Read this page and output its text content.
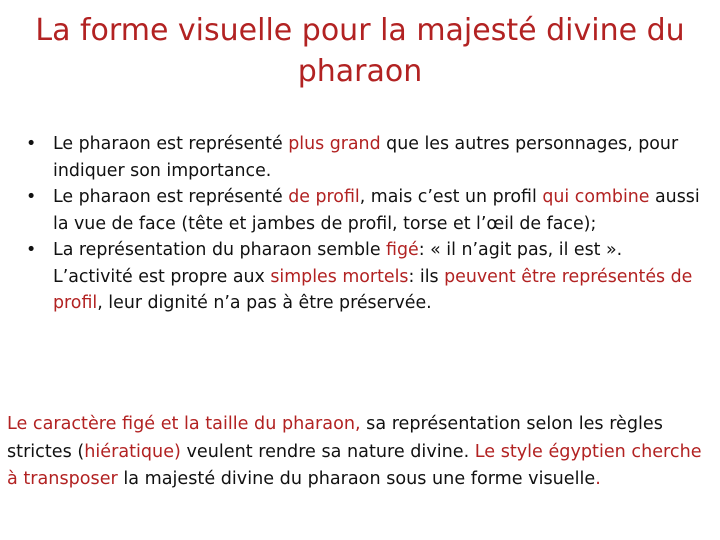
La forme visuelle pour la majesté divine du pharaon
• Le pharaon est représenté plus grand que les autres personnages, pour indiquer son importance.
• Le pharaon est représenté de profil, mais c’est un profil qui combine aussi la vue de face (tête et jambes de profil, torse et l’œil de face);
• La représentation du pharaon semble figé: « il n’agit pas, il est ». L’activité est propre aux simples mortels: ils peuvent être représentés de profil, leur dignité n’a pas à être préservée.

Le caractère figé et la taille du pharaon, sa représentation selon les règles strictes (hiératique) veulent rendre sa nature divine. Le style égyptien cherche à transposer la majesté divine du pharaon sous une forme visuelle.
